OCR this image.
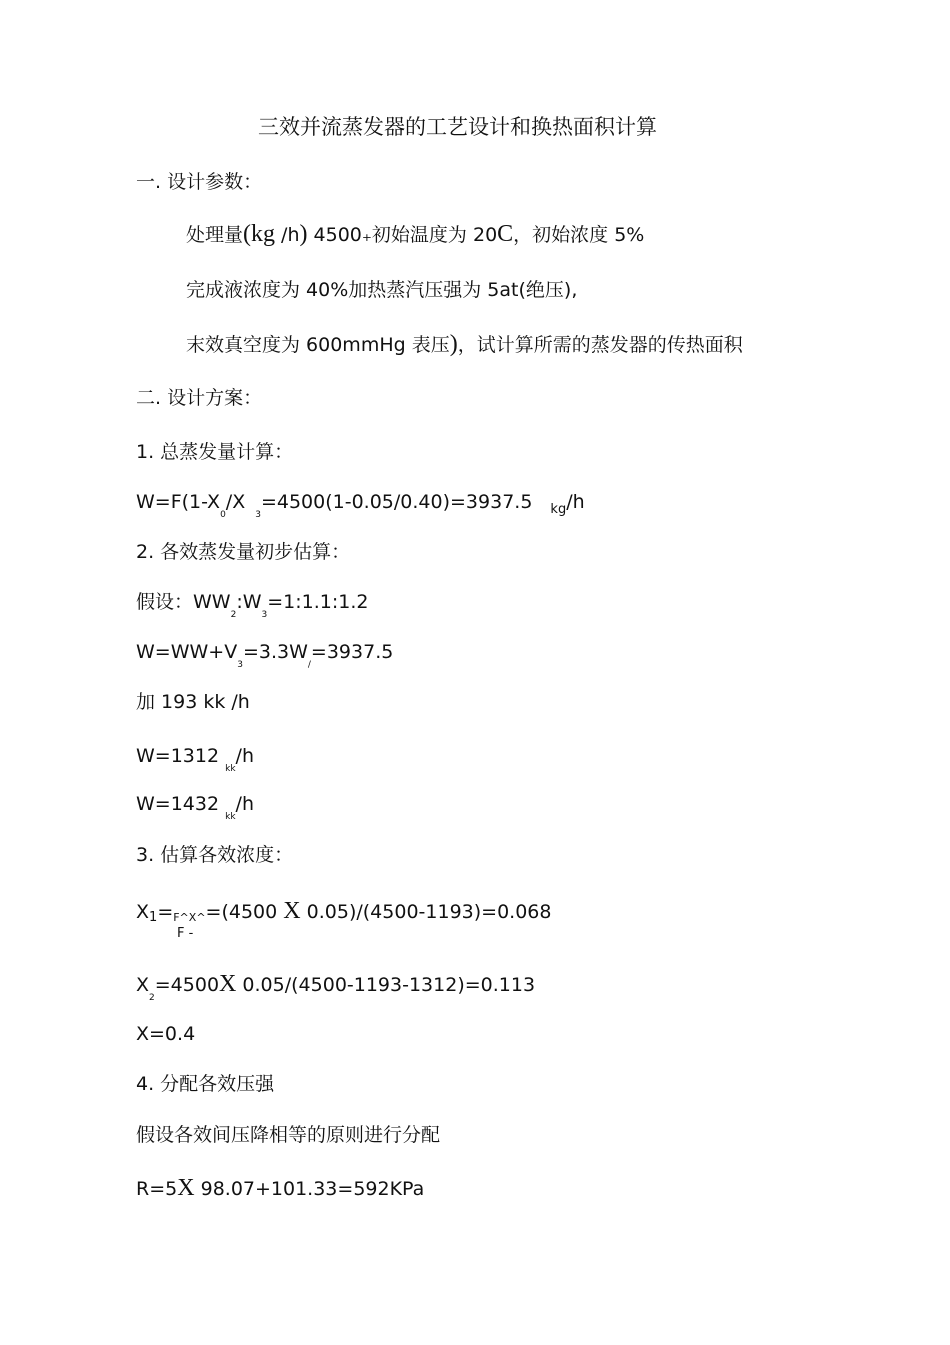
三效并流蒸发器的工艺设计和换热面积计算
一. 设计参数：
处理量(kg /h) 4500₊初始温度为 20C，初始浓度 5%
完成液浓度为 40%加热蒸汽压强为 5at(绝压),
末效真空度为 600mmHg 表压)，试计算所需的蒸发器的传热面积
二. 设计方案：
1. 总蒸发量计算：
$W=F(1-X_0/X_3=4500(1-0.05/0.40)=3937.5$ $_{kg}$/h
2. 各效蒸发量初步估算：
假设：$WW_2:W_3=1:1.1:1.2$
$W=WW+V_3=3.3W_/=3937.5$
加 193 kk /h
W=1312 $_{kk}$/h
W=1432 $_{kk}$/h
3. 估算各效浓度：
X1=F^X^=(4500 X 0.05)/(4500-1193)=0.068
F -
$X_2=4500X$ 0.05/(4500-1193-1312)=0.113
X=0.4
4. 分配各效压强
假设各效间压降相等的原则进行分配
R=5X 98.07+101.33=592KPa
